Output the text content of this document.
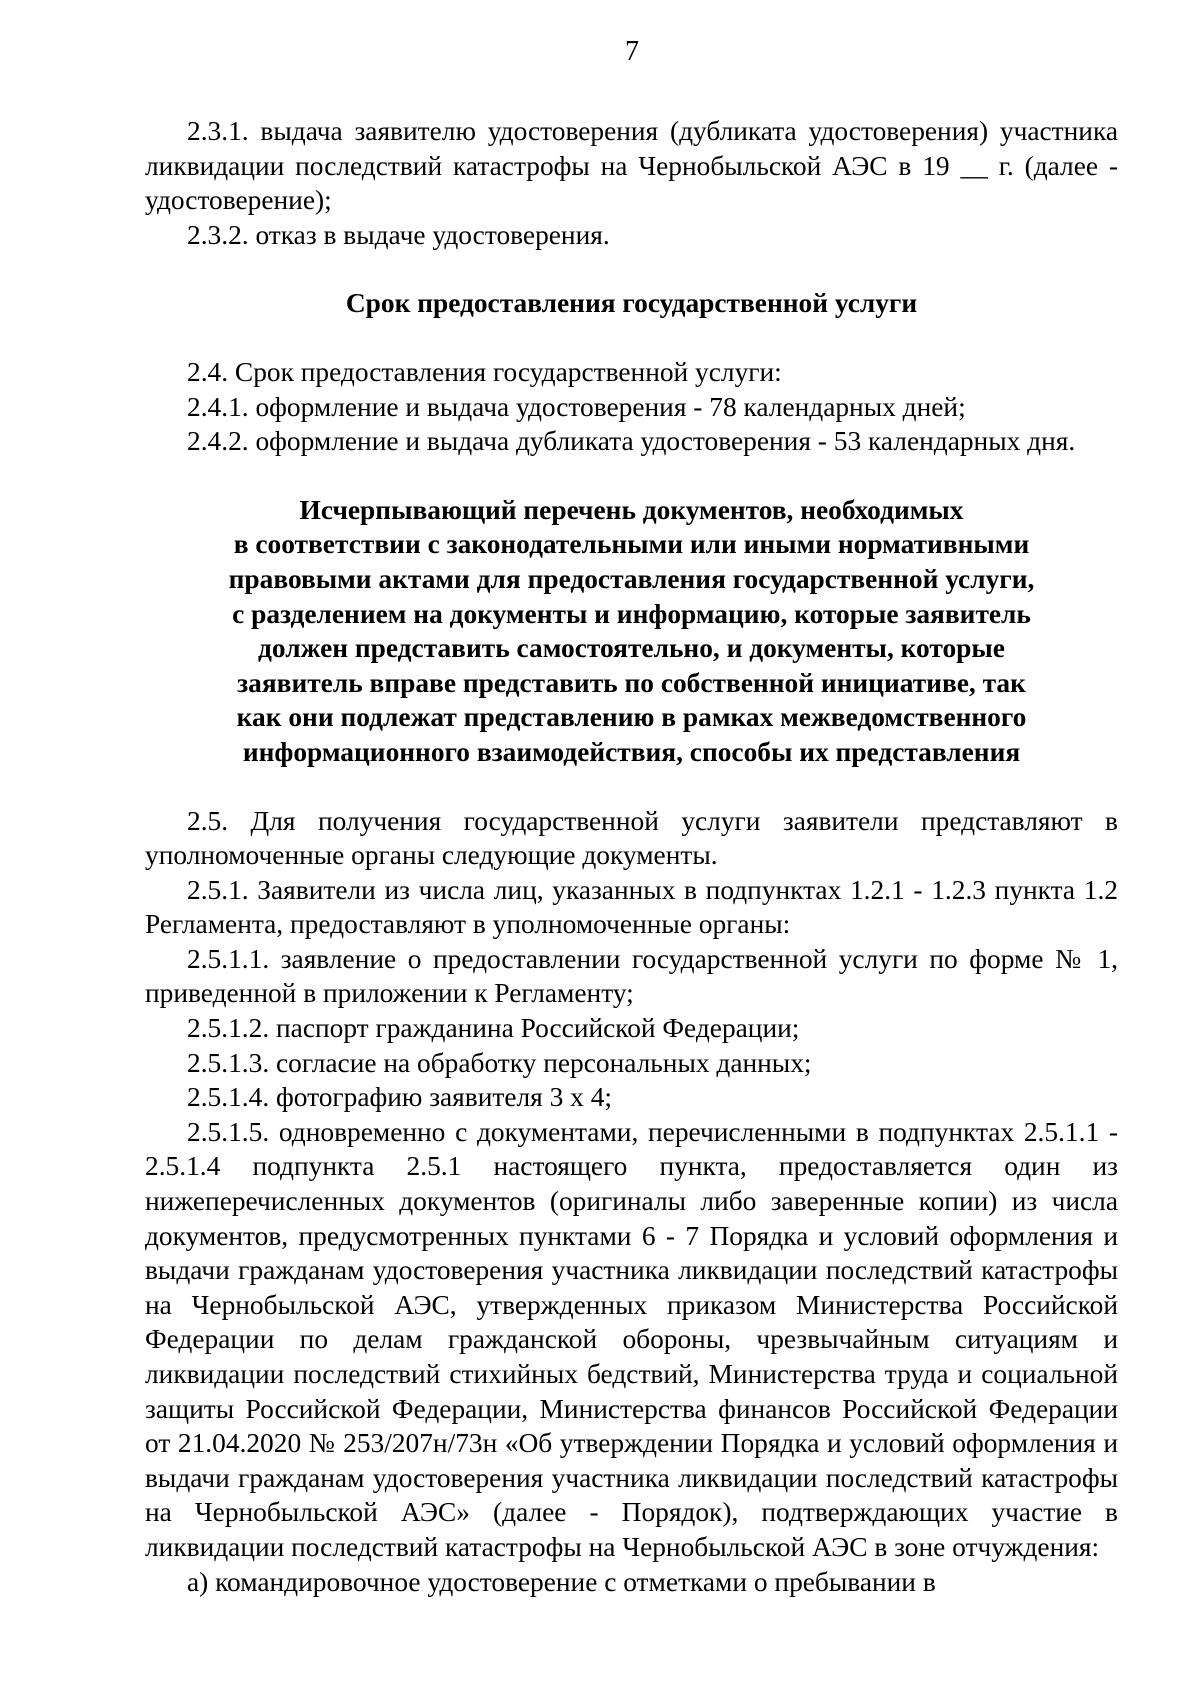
7

2.3.1. выдача заявителю удостоверения (дубликата удостоверения) участника ликвидации последствий катастрофы на Чернобыльской АЭС в 19 __ г. (далее - удостоверение);

2.3.2. отказ в выдаче удостоверения.

Срок предоставления государственной услуги

2.4. Срок предоставления государственной услуги:

2.4.1. оформление и выдача удостоверения - 78 календарных дней;

2.4.2. оформление и выдача дубликата удостоверения - 53 календарных дня.

Исчерпывающий перечень документов, необходимых
в соответствии с законодательными или иными нормативными
правовыми актами для предоставления государственной услуги,
с разделением на документы и информацию, которые заявитель
должен представить самостоятельно, и документы, которые
заявитель вправе представить по собственной инициативе, так
как они подлежат представлению в рамках межведомственного
информационного взаимодействия, способы их представления

2.5. Для получения государственной услуги заявители представляют в уполномоченные органы следующие документы.

2.5.1. Заявители из числа лиц, указанных в подпунктах 1.2.1 - 1.2.3 пункта 1.2 Регламента, предоставляют в уполномоченные органы:

2.5.1.1. заявление о предоставлении государственной услуги по форме № 1, приведенной в приложении к Регламенту;

2.5.1.2. паспорт гражданина Российской Федерации;

2.5.1.3. согласие на обработку персональных данных;

2.5.1.4. фотографию заявителя 3 x 4;

2.5.1.5. одновременно с документами, перечисленными в подпунктах 2.5.1.1 - 2.5.1.4 подпункта 2.5.1 настоящего пункта, предоставляется один из нижеперечисленных документов (оригиналы либо заверенные копии) из числа документов, предусмотренных пунктами 6 - 7 Порядка и условий оформления и выдачи гражданам удостоверения участника ликвидации последствий катастрофы на Чернобыльской АЭС, утвержденных приказом Министерства Российской Федерации по делам гражданской обороны, чрезвычайным ситуациям и ликвидации последствий стихийных бедствий, Министерства труда и социальной защиты Российской Федерации, Министерства финансов Российской Федерации от 21.04.2020 № 253/207н/73н «Об утверждении Порядка и условий оформления и выдачи гражданам удостоверения участника ликвидации последствий катастрофы на Чернобыльской АЭС» (далее - Порядок), подтверждающих участие в ликвидации последствий катастрофы на Чернобыльской АЭС в зоне отчуждения:

а) командировочное удостоверение с отметками о пребывании в
